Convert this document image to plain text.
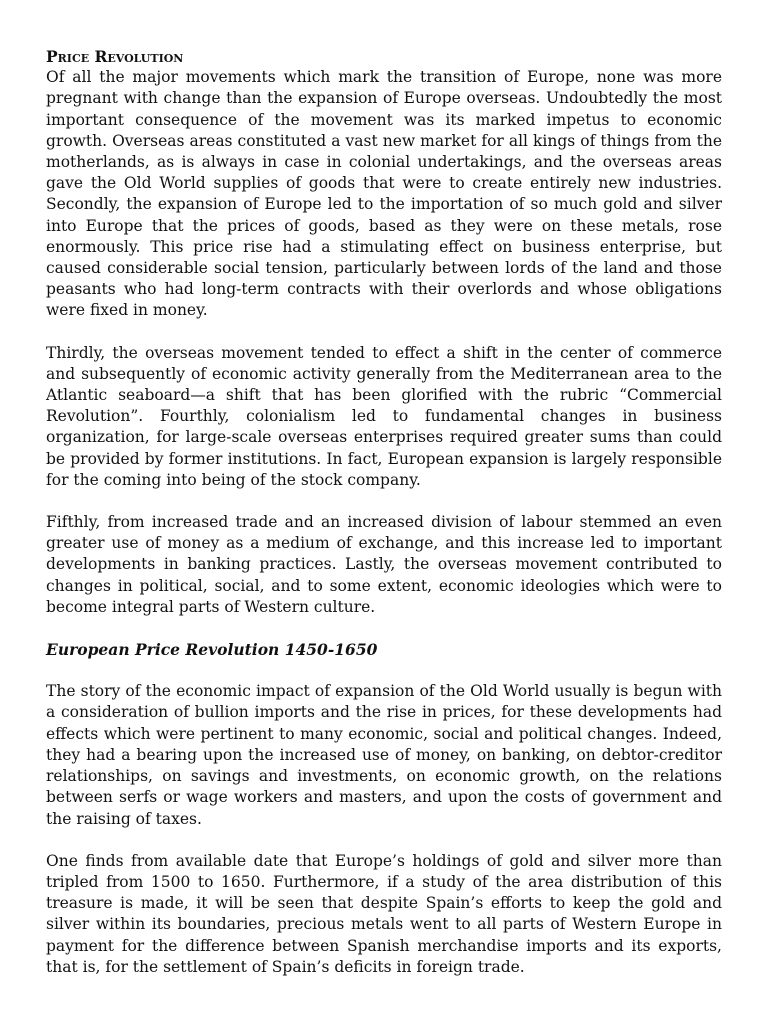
Price Revolution

Of all the major movements which mark the transition of Europe, none was more pregnant with change than the expansion of Europe overseas. Undoubtedly the most important consequence of the movement was its marked impetus to economic growth. Overseas areas constituted a vast new market for all kings of things from the motherlands, as is always in case in colonial undertakings, and the overseas areas gave the Old World supplies of goods that were to create entirely new industries. Secondly, the expansion of Europe led to the importation of so much gold and silver into Europe that the prices of goods, based as they were on these metals, rose enormously. This price rise had a stimulating effect on business enterprise, but caused considerable social tension, particularly between lords of the land and those peasants who had long-term contracts with their overlords and whose obligations were fixed in money.

Thirdly, the overseas movement tended to effect a shift in the center of commerce and subsequently of economic activity generally from the Mediterranean area to the Atlantic seaboard—a shift that has been glorified with the rubric “Commercial Revolution”. Fourthly, colonialism led to fundamental changes in business organization, for large-scale overseas enterprises required greater sums than could be provided by former institutions. In fact, European expansion is largely responsible for the coming into being of the stock company.

Fifthly, from increased trade and an increased division of labour stemmed an even greater use of money as a medium of exchange, and this increase led to important developments in banking practices. Lastly, the overseas movement contributed to changes in political, social, and to some extent, economic ideologies which were to become integral parts of Western culture.

European Price Revolution 1450-1650

The story of the economic impact of expansion of the Old World usually is begun with a consideration of bullion imports and the rise in prices, for these developments had effects which were pertinent to many economic, social and political changes. Indeed, they had a bearing upon the increased use of money, on banking, on debtor-creditor relationships, on savings and investments, on economic growth, on the relations between serfs or wage workers and masters, and upon the costs of government and the raising of taxes.

One finds from available date that Europe’s holdings of gold and silver more than tripled from 1500 to 1650. Furthermore, if a study of the area distribution of this treasure is made, it will be seen that despite Spain’s efforts to keep the gold and silver within its boundaries, precious metals went to all parts of Western Europe in payment for the difference between Spanish merchandise imports and its exports, that is, for the settlement of Spain’s deficits in foreign trade.
